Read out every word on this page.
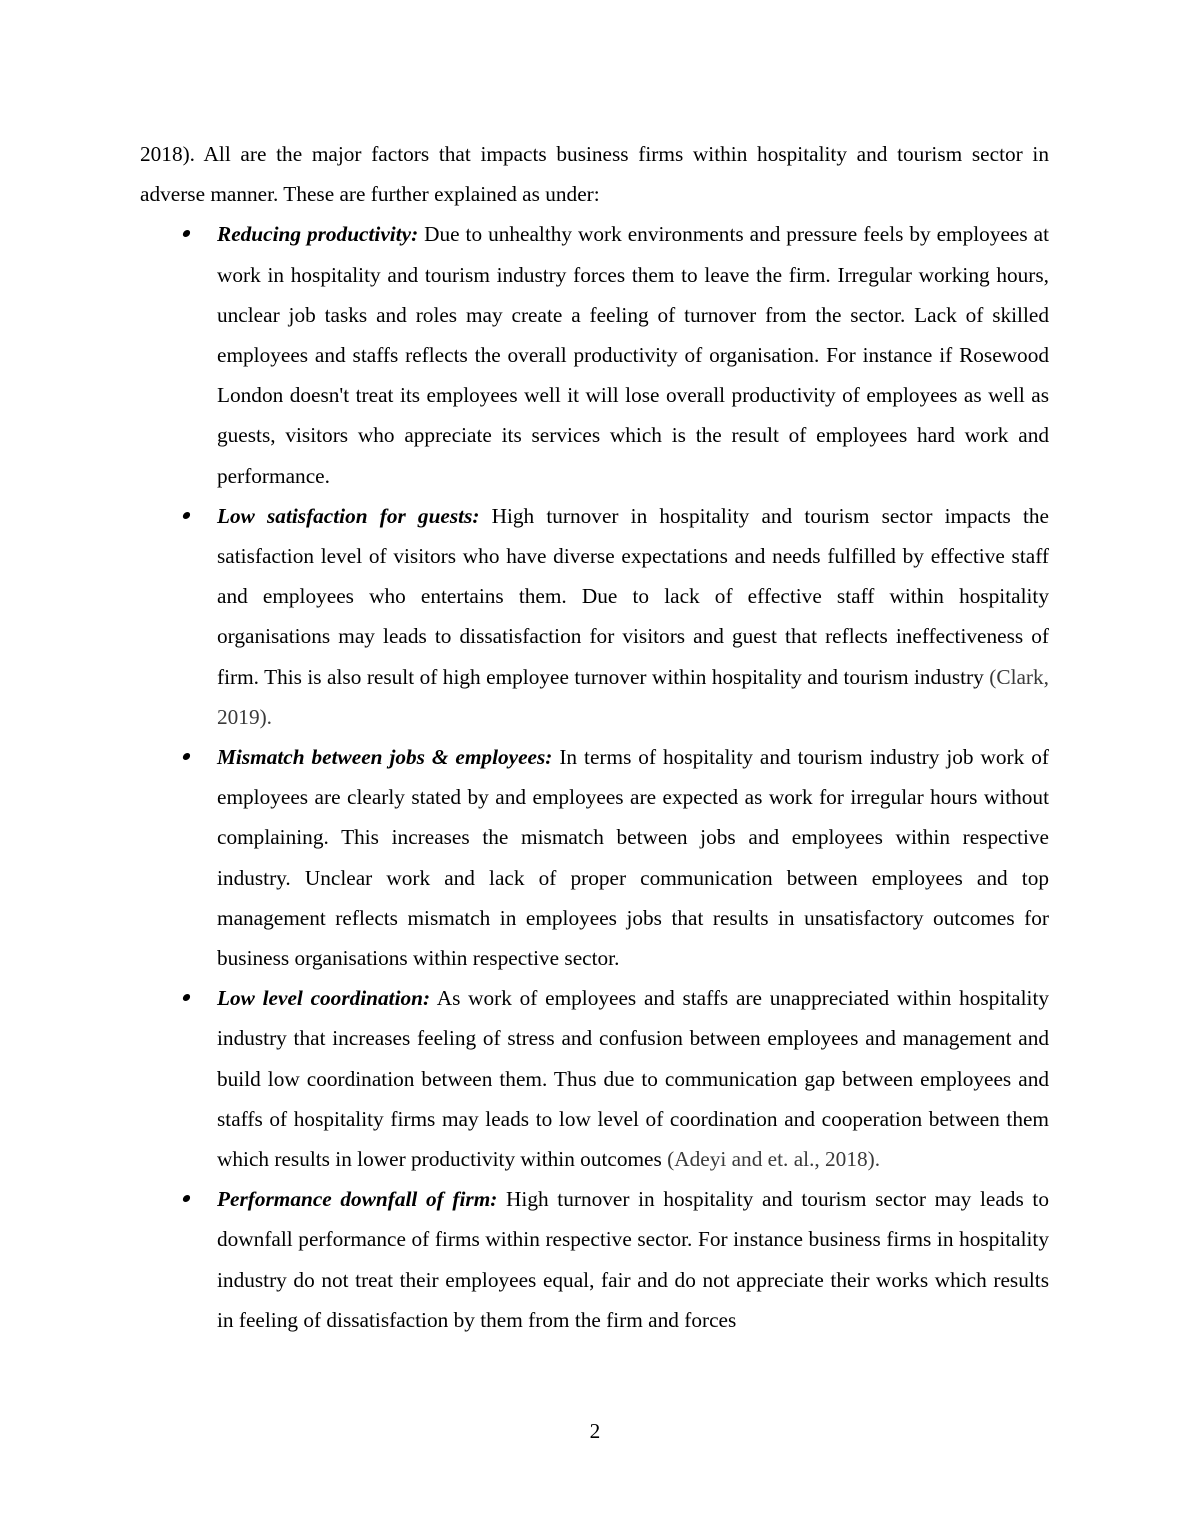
2018). All are the major factors that impacts business firms within hospitality and tourism sector in adverse manner. These are further explained as under:

Reducing productivity: Due to unhealthy work environments and pressure feels by employees at work in hospitality and tourism industry forces them to leave the firm. Irregular working hours, unclear job tasks and roles may create a feeling of turnover from the sector. Lack of skilled employees and staffs reflects the overall productivity of organisation. For instance if Rosewood London doesn't treat its employees well it will lose overall productivity of employees as well as guests, visitors who appreciate its services which is the result of employees hard work and performance.
Low satisfaction for guests: High turnover in hospitality and tourism sector impacts the satisfaction level of visitors who have diverse expectations and needs fulfilled by effective staff and employees who entertains them. Due to lack of effective staff within hospitality organisations may leads to dissatisfaction for visitors and guest that reflects ineffectiveness of firm. This is also result of high employee turnover within hospitality and tourism industry (Clark, 2019).
Mismatch between jobs & employees: In terms of hospitality and tourism industry job work of employees are clearly stated by and employees are expected as work for irregular hours without complaining. This increases the mismatch between jobs and employees within respective industry. Unclear work and lack of proper communication between employees and top management reflects mismatch in employees jobs that results in unsatisfactory outcomes for business organisations within respective sector.
Low level coordination: As work of employees and staffs are unappreciated within hospitality industry that increases feeling of stress and confusion between employees and management and build low coordination between them. Thus due to communication gap between employees and staffs of hospitality firms may leads to low level of coordination and cooperation between them which results in lower productivity within outcomes (Adeyi and et. al., 2018).
Performance downfall of firm: High turnover in hospitality and tourism sector may leads to downfall performance of firms within respective sector. For instance business firms in hospitality industry do not treat their employees equal, fair and do not appreciate their works which results in feeling of dissatisfaction by them from the firm and forces
2
